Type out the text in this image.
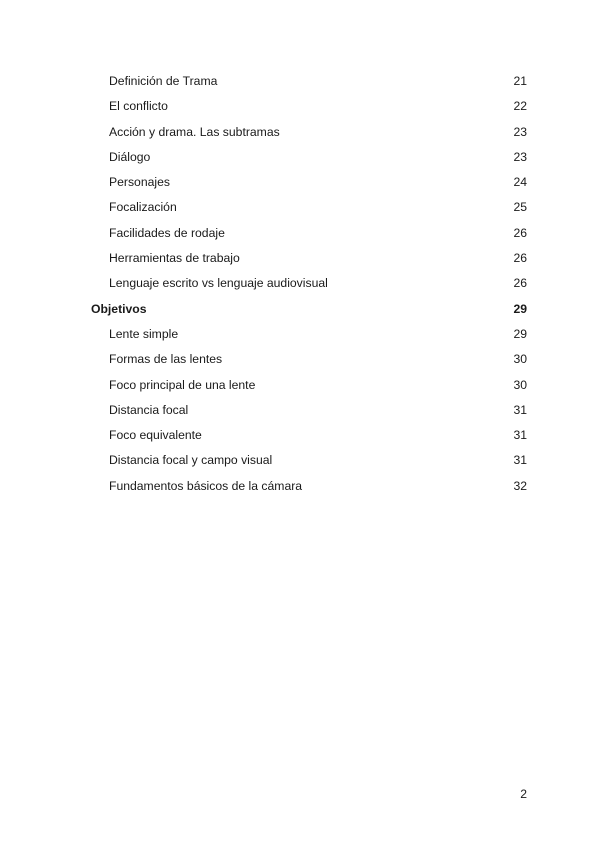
Definición de Trama	21
El conflicto	22
Acción y drama. Las subtramas	23
Diálogo	23
Personajes	24
Focalización	25
Facilidades de rodaje	26
Herramientas de trabajo	26
Lenguaje escrito vs lenguaje audiovisual	26
Objetivos	29
Lente simple	29
Formas de las lentes	30
Foco principal de una lente	30
Distancia focal	31
Foco equivalente	31
Distancia focal y campo visual	31
Fundamentos básicos de la cámara	32
2
